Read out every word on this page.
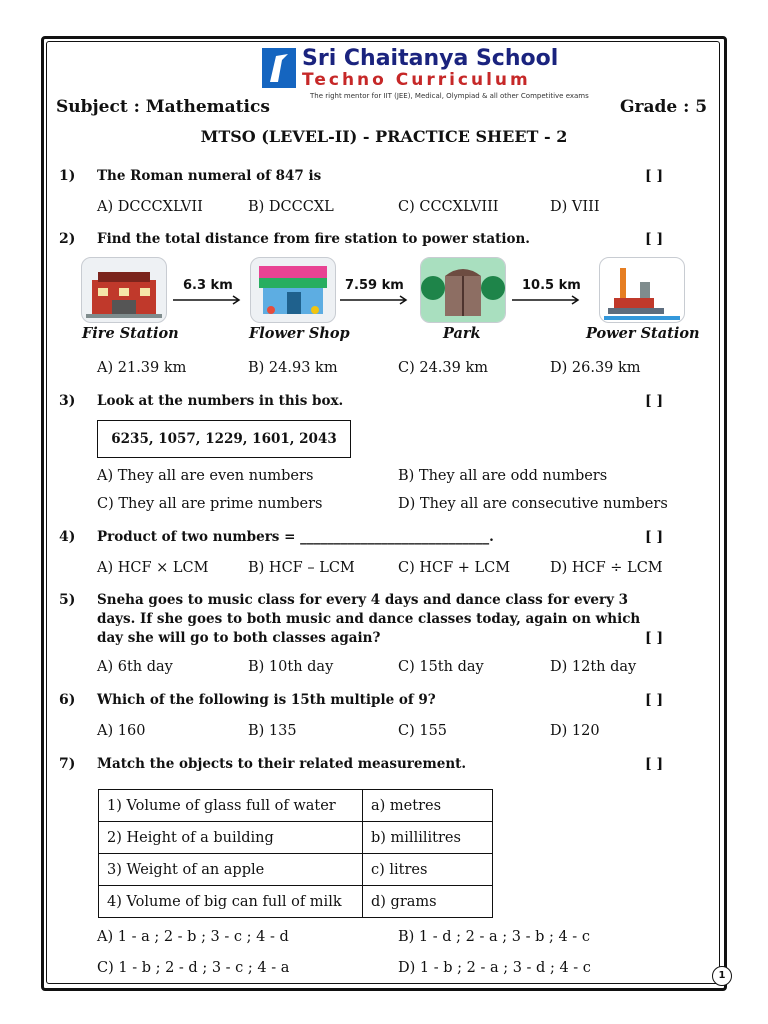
Sri Chaitanya School
Techno Curriculum
The right mentor for IIT (JEE), Medical, Olympiad & all other Competitive exams
Subject : Mathematics	Grade : 5
MTSO (LEVEL-II) - PRACTICE SHEET - 2
1) The Roman numeral of 847 is	[ ]
A) DCCCXLVII	B) DCCCXL	C) CCCXLVIII	D) VIII
2) Find the total distance from fire station to power station.	[ ]
6.3 km	7.59 km	10.5 km
Fire Station	Flower Shop	Park	Power Station
A) 21.39 km	B) 24.93 km	C) 24.39 km	D) 26.39 km
3) Look at the numbers in this box.	[ ]
6235, 1057, 1229, 1601, 2043
A) They all are even numbers	B) They all are odd numbers
C) They all are prime numbers	D) They all are consecutive numbers
4) Product of two numbers = ____________________________.	[ ]
A) HCF × LCM	B) HCF – LCM	C) HCF + LCM	D) HCF ÷ LCM
5) Sneha goes to music class for every 4 days and dance class for every 3
days. If she goes to both music and dance classes today, again on which
day she will go to both classes again?	[ ]
A) 6th day	B) 10th day	C) 15th day	D) 12th day
6) Which of the following is 15th multiple of 9?	[ ]
A) 160	B) 135	C) 155	D) 120
7) Match the objects to their related measurement.	[ ]
1) Volume of glass full of water	a) metres
2) Height of a building	b) millilitres
3) Weight of an apple	c) litres
4) Volume of big can full of milk	d) grams
A) 1 - a ; 2 - b ; 3 - c ; 4 - d	B) 1 - d ; 2 - a ; 3 - b ; 4 - c
C) 1 - b ; 2 - d ; 3 - c ; 4 - a	D) 1 - b ; 2 - a ; 3 - d ; 4 - c	1
